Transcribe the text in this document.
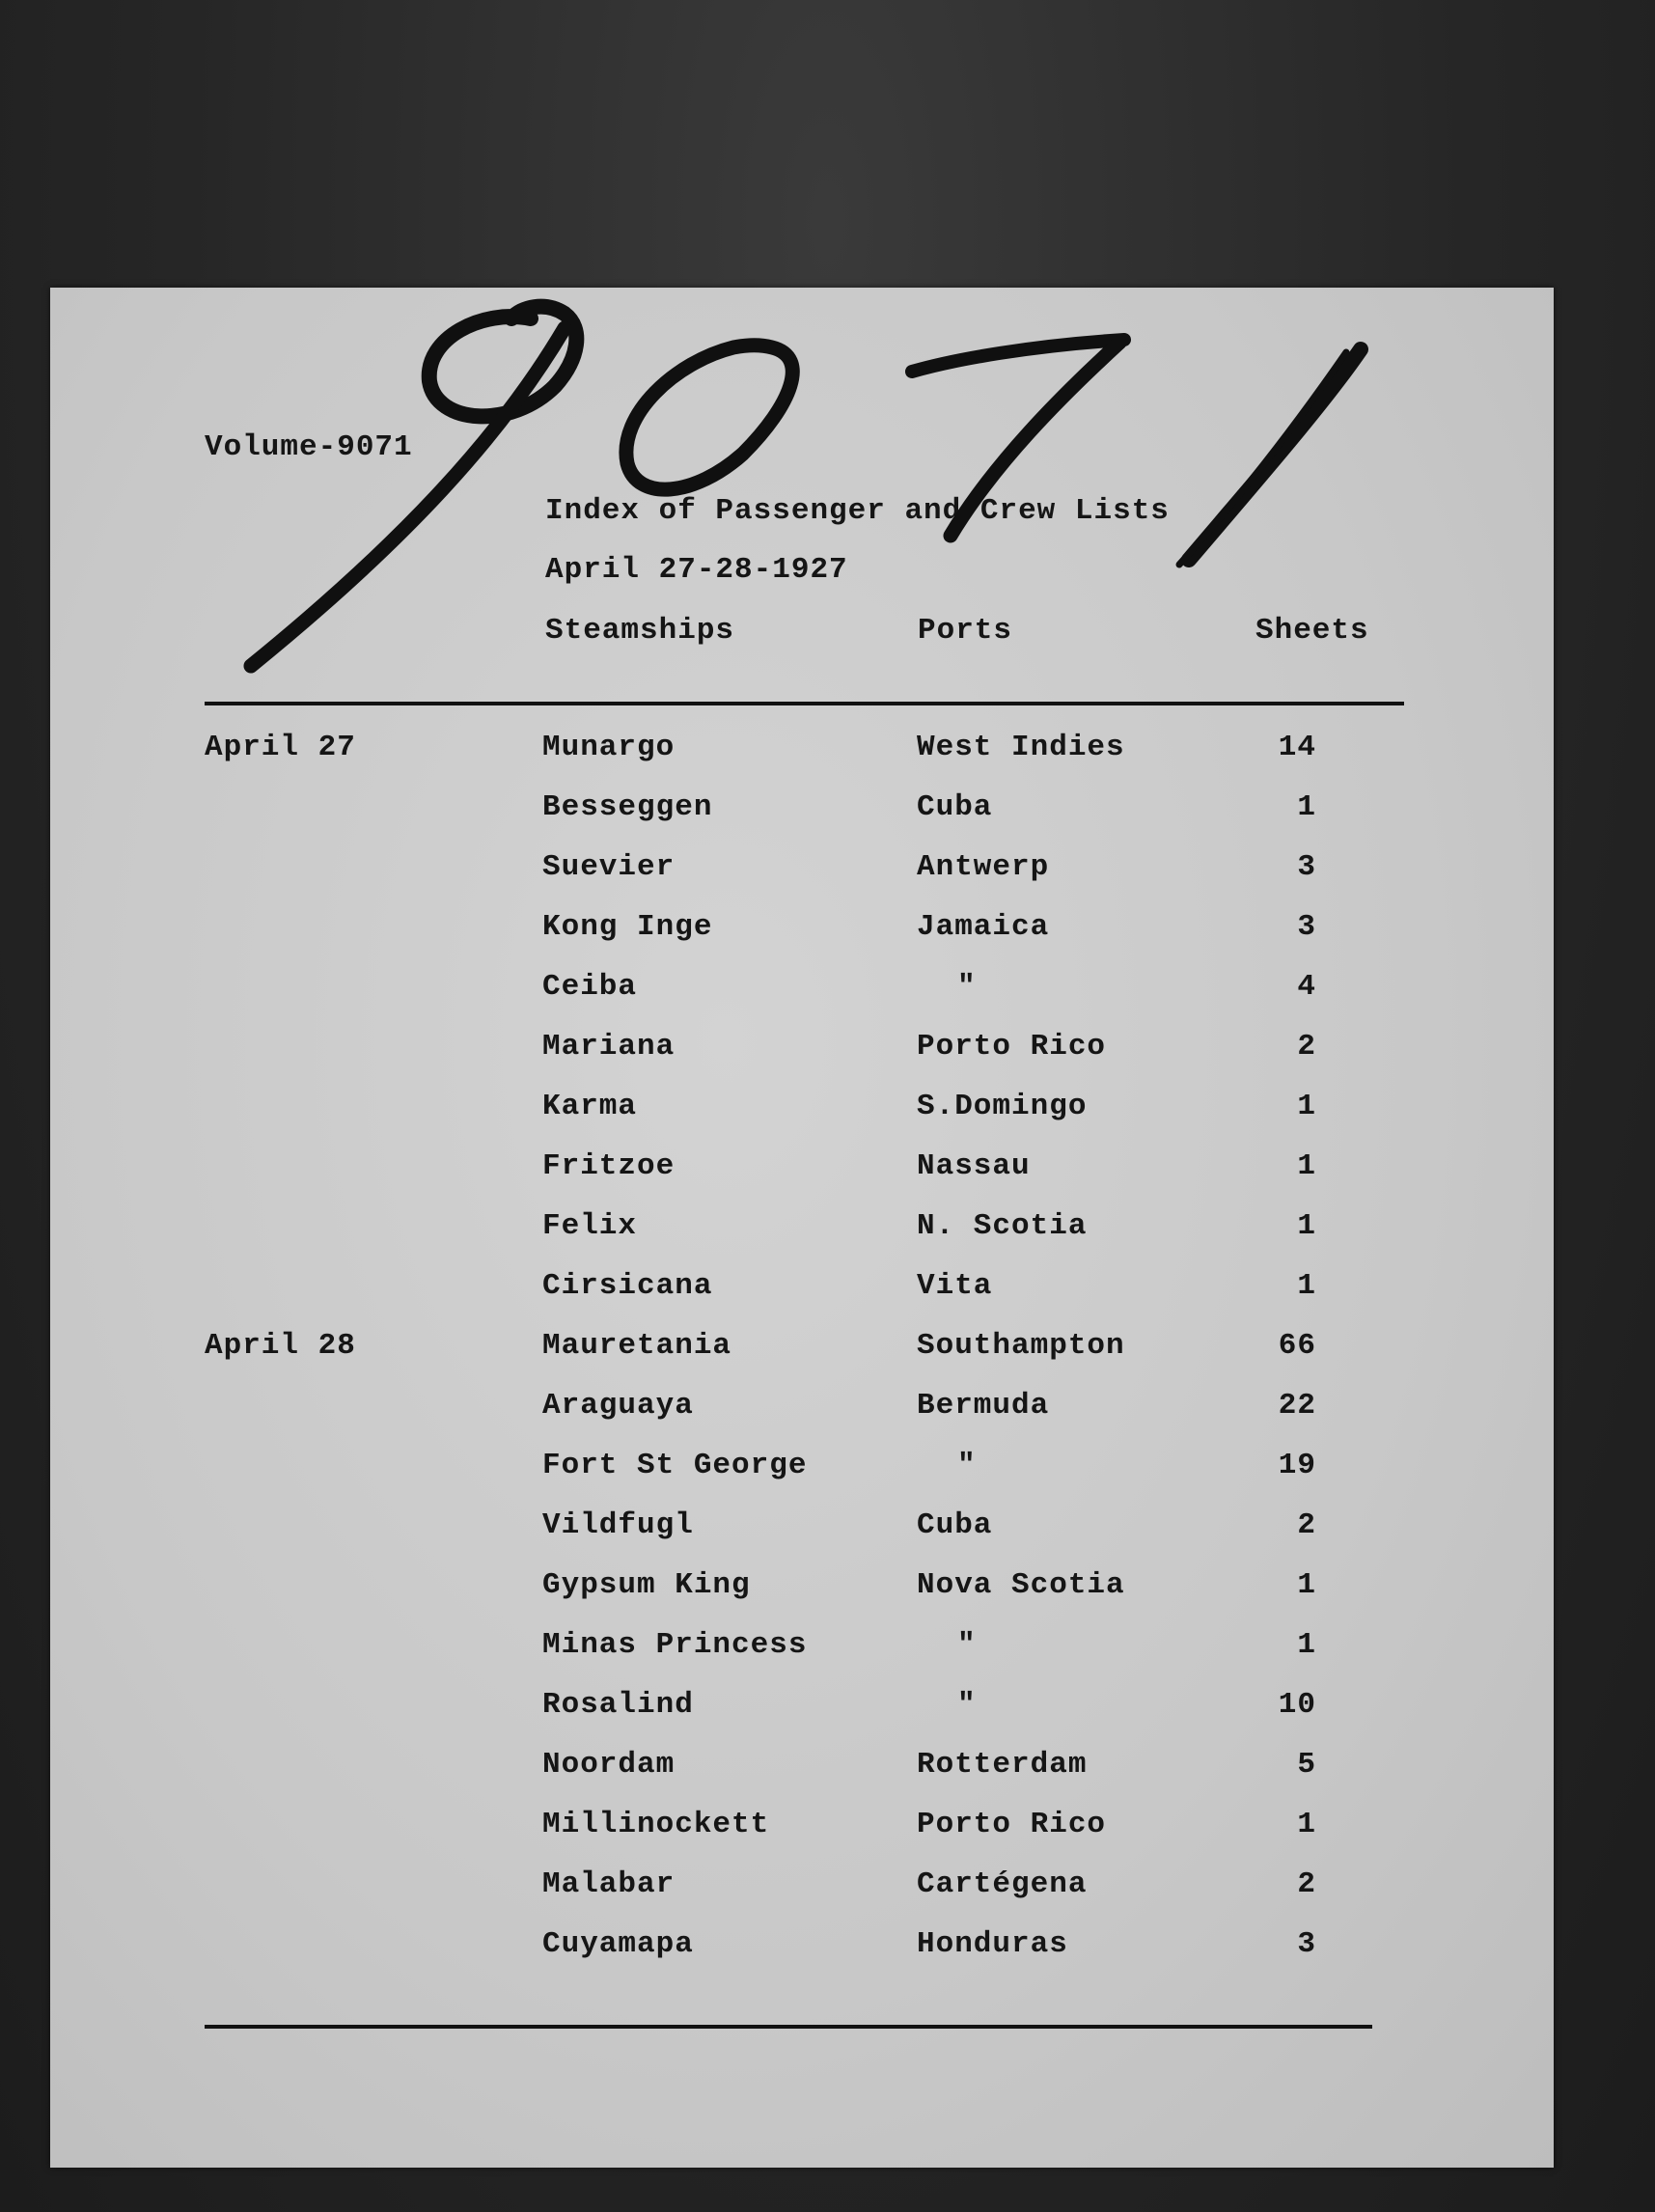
Volume-9071
Index of Passenger and Crew Lists
April 27-28-1927
Steamships	Ports	Sheets
April 27	Munargo	West Indies	14
Besseggen	Cuba	1
Suevier	Antwerp	3
Kong Inge	Jamaica	3
Ceiba	"	4
Mariana	Porto Rico	2
Karma	S.Domingo	1
Fritzoe	Nassau	1
Felix	N. Scotia	1
Cirsicana	Vita	1
April 28	Mauretania	Southampton	66
Araguaya	Bermuda	22
Fort St George	"	19
Vildfugl	Cuba	2
Gypsum King	Nova Scotia	1
Minas Princess	"	1
Rosalind	"	10
Noordam	Rotterdam	5
Millinockett	Porto Rico	1
Malabar	Cartégena	2
Cuyamapa	Honduras	3
